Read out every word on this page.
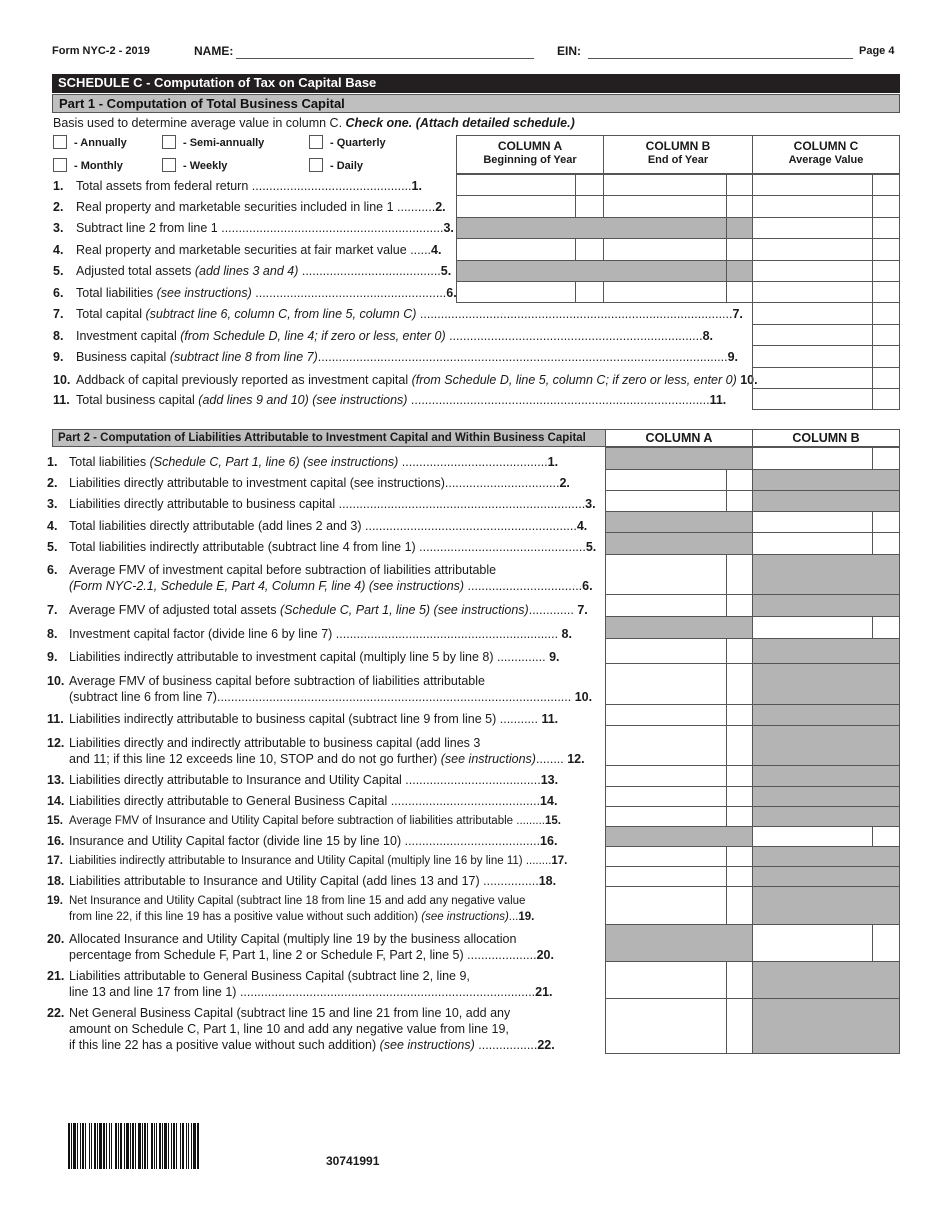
Form NYC-2 - 2019	NAME:	EIN:	Page 4
SCHEDULE C - Computation of Tax on Capital Base
Part 1 - Computation of Total Business Capital
Basis used to determine average value in column C. Check one. (Attach detailed schedule.)
- Annually	- Semi-annually	- Quarterly
- Monthly	- Weekly	- Daily
COLUMN A
Beginning of Year
COLUMN B
End of Year
COLUMN C
Average Value
1. Total assets from federal return ..............................................1.
2. Real property and marketable securities included in line 1 ...........2.
3. Subtract line 2 from line 1 ................................................................3.
4. Real property and marketable securities at fair market value ......4.
5. Adjusted total assets (add lines 3 and 4) ........................................5.
6. Total liabilities (see instructions) .......................................................6.
7. Total capital (subtract line 6, column C, from line 5, column C) ..........................................................................................7.
8. Investment capital (from Schedule D, line 4; if zero or less, enter 0) .........................................................................8.
9. Business capital (subtract line 8 from line 7)......................................................................................................................9.
10. Addback of capital previously reported as investment capital (from Schedule D, line 5, column C; if zero or less, enter 0) 10.
11. Total business capital (add lines 9 and 10) (see instructions) ......................................................................................11.
Part 2 - Computation of Liabilities Attributable to Investment Capital and Within Business Capital	COLUMN A	COLUMN B
1. Total liabilities (Schedule C, Part 1, line 6) (see instructions) ..........................................1.
2. Liabilities directly attributable to investment capital (see instructions).................................2.
3. Liabilities directly attributable to business capital .......................................................................3.
4. Total liabilities directly attributable (add lines 2 and 3) .............................................................4.
5. Total liabilities indirectly attributable (subtract line 4 from line 1) ................................................5.
6. Average FMV of investment capital before subtraction of liabilities attributable
(Form NYC-2.1, Schedule E, Part 4, Column F, line 4) (see instructions) .................................6.
7. Average FMV of adjusted total assets (Schedule C, Part 1, line 5) (see instructions)............. 7.
8. Investment capital factor (divide line 6 by line 7) ................................................................ 8.
9. Liabilities indirectly attributable to investment capital (multiply line 5 by line 8) .............. 9.
10. Average FMV of business capital before subtraction of liabilities attributable
(subtract line 6 from line 7)...................................................................................................... 10.
11. Liabilities indirectly attributable to business capital (subtract line 9 from line 5) ........... 11.
12. Liabilities directly and indirectly attributable to business capital (add lines 3
and 11; if this line 12 exceeds line 10, STOP and do not go further) (see instructions)........ 12.
13. Liabilities directly attributable to Insurance and Utility Capital .......................................13.
14. Liabilities directly attributable to General Business Capital ...........................................14.
15. Average FMV of Insurance and Utility Capital before subtraction of liabilities attributable .........15.
16. Insurance and Utility Capital factor (divide line 15 by line 10) .......................................16.
17. Liabilities indirectly attributable to Insurance and Utility Capital (multiply line 16 by line 11) ........17.
18. Liabilities attributable to Insurance and Utility Capital (add lines 13 and 17) ................18.
19. Net Insurance and Utility Capital (subtract line 18 from line 15 and add any negative value
from line 22, if this line 19 has a positive value without such addition) (see instructions)...19.
20. Allocated Insurance and Utility Capital (multiply line 19 by the business allocation
percentage from Schedule F, Part 1, line 2 or Schedule F, Part 2, line 5) ....................20.
21. Liabilities attributable to General Business Capital (subtract line 2, line 9,
line 13 and line 17 from line 1) .....................................................................................21.
22. Net General Business Capital (subtract line 15 and line 21 from line 10, add any
amount on Schedule C, Part 1, line 10 and add any negative value from line 19,
if this line 22 has a positive value without such addition) (see instructions) .................22.
30741991
